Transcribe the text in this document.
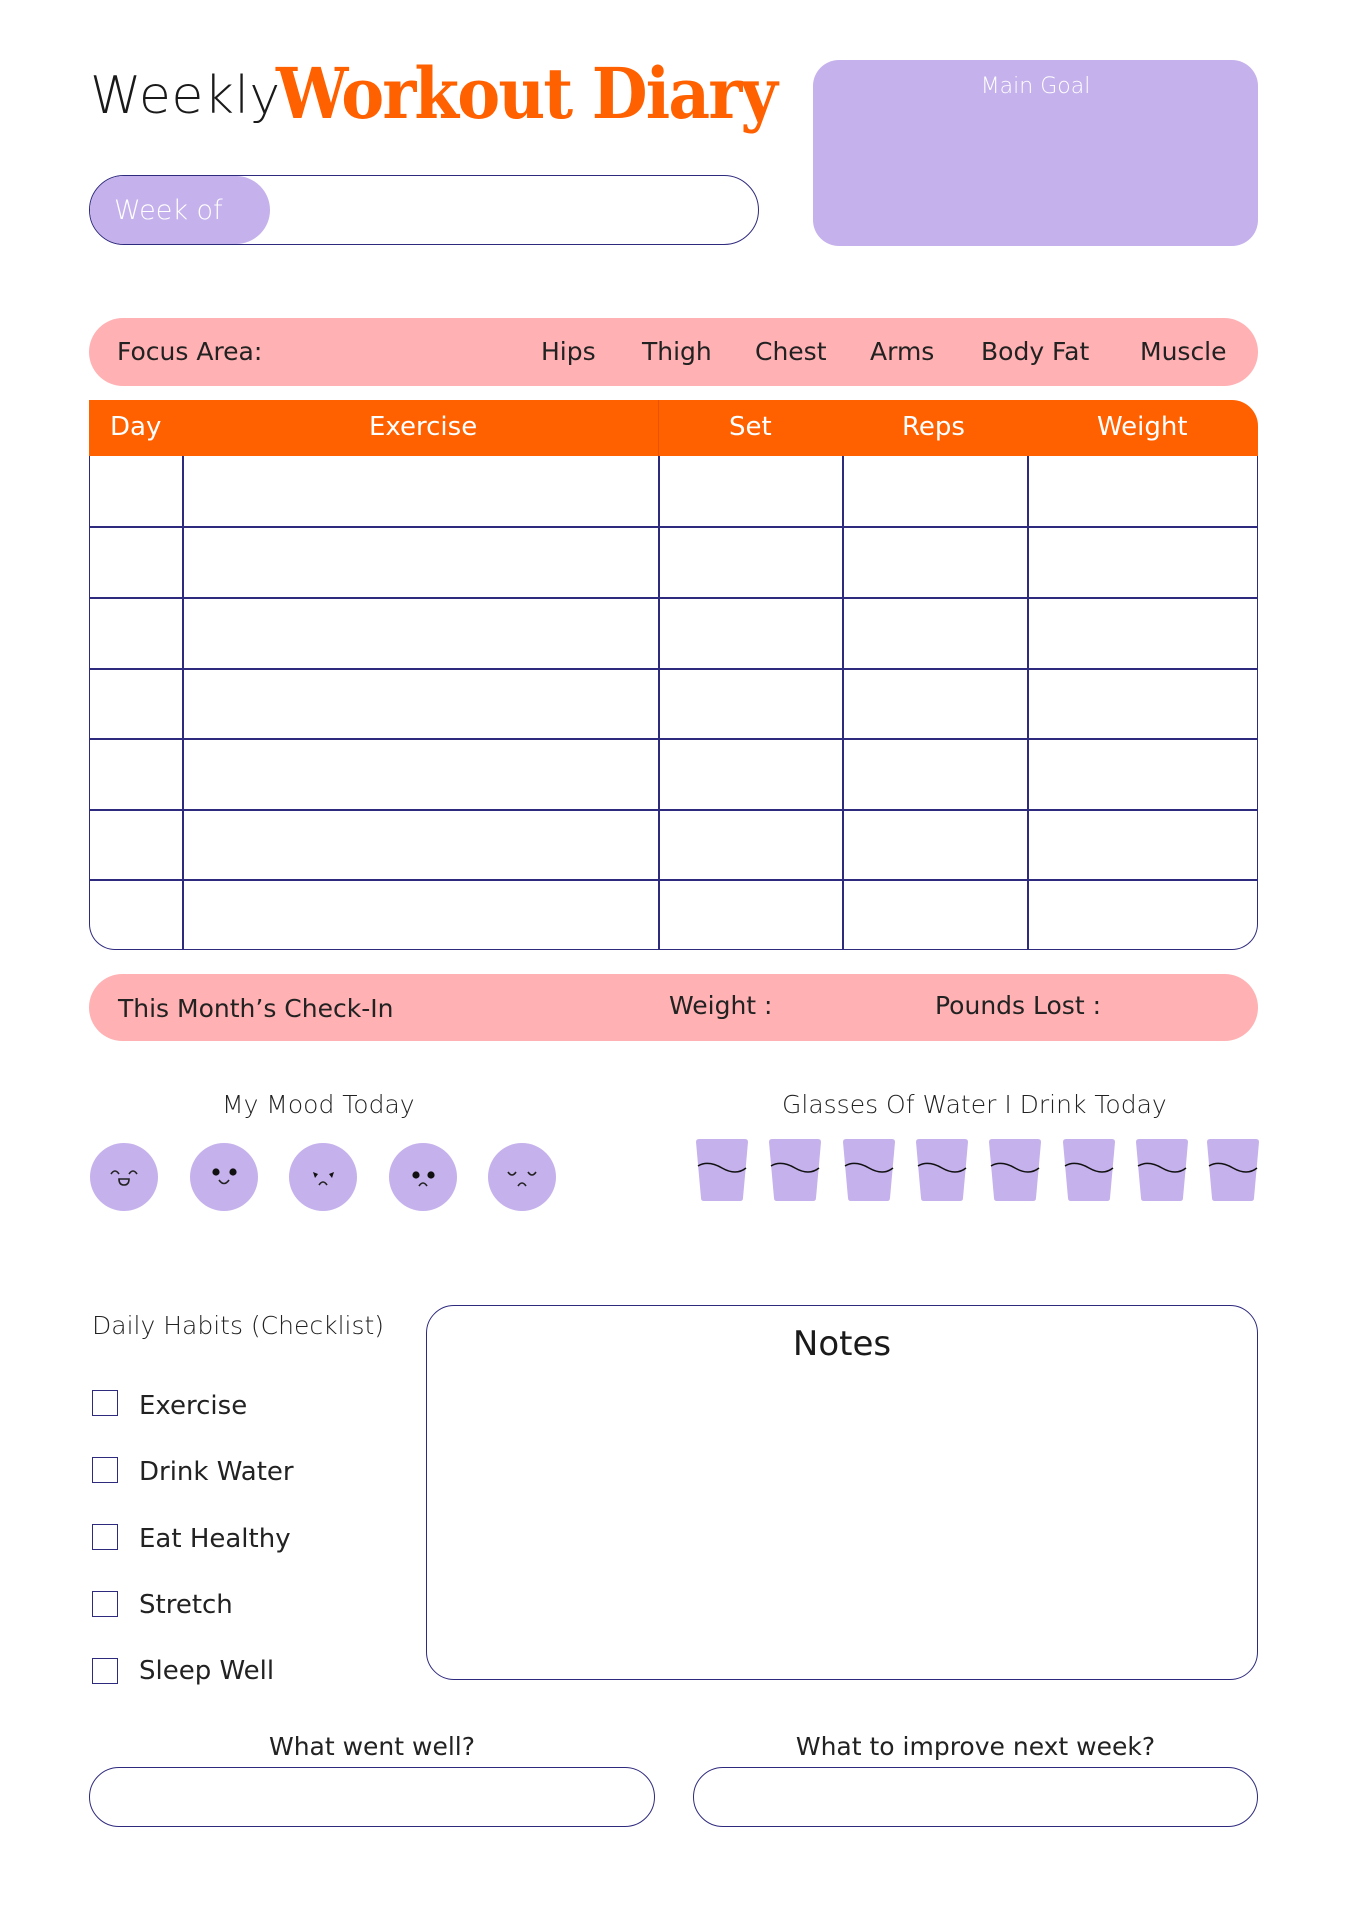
Weekly
Workout Diary
Week of
Main Goal
Focus Area:	Hips Thigh Chest Arms Body Fat Muscle
Day	Exercise	Set	Reps	Weight
This Month’s Check-In	Weight :	Pounds Lost :
My Mood Today	Glasses Of Water I Drink Today
Daily Habits (Checklist)
Exercise
Drink Water
Eat Healthy
Stretch
Sleep Well
Notes
What went well?	What to improve next week?
